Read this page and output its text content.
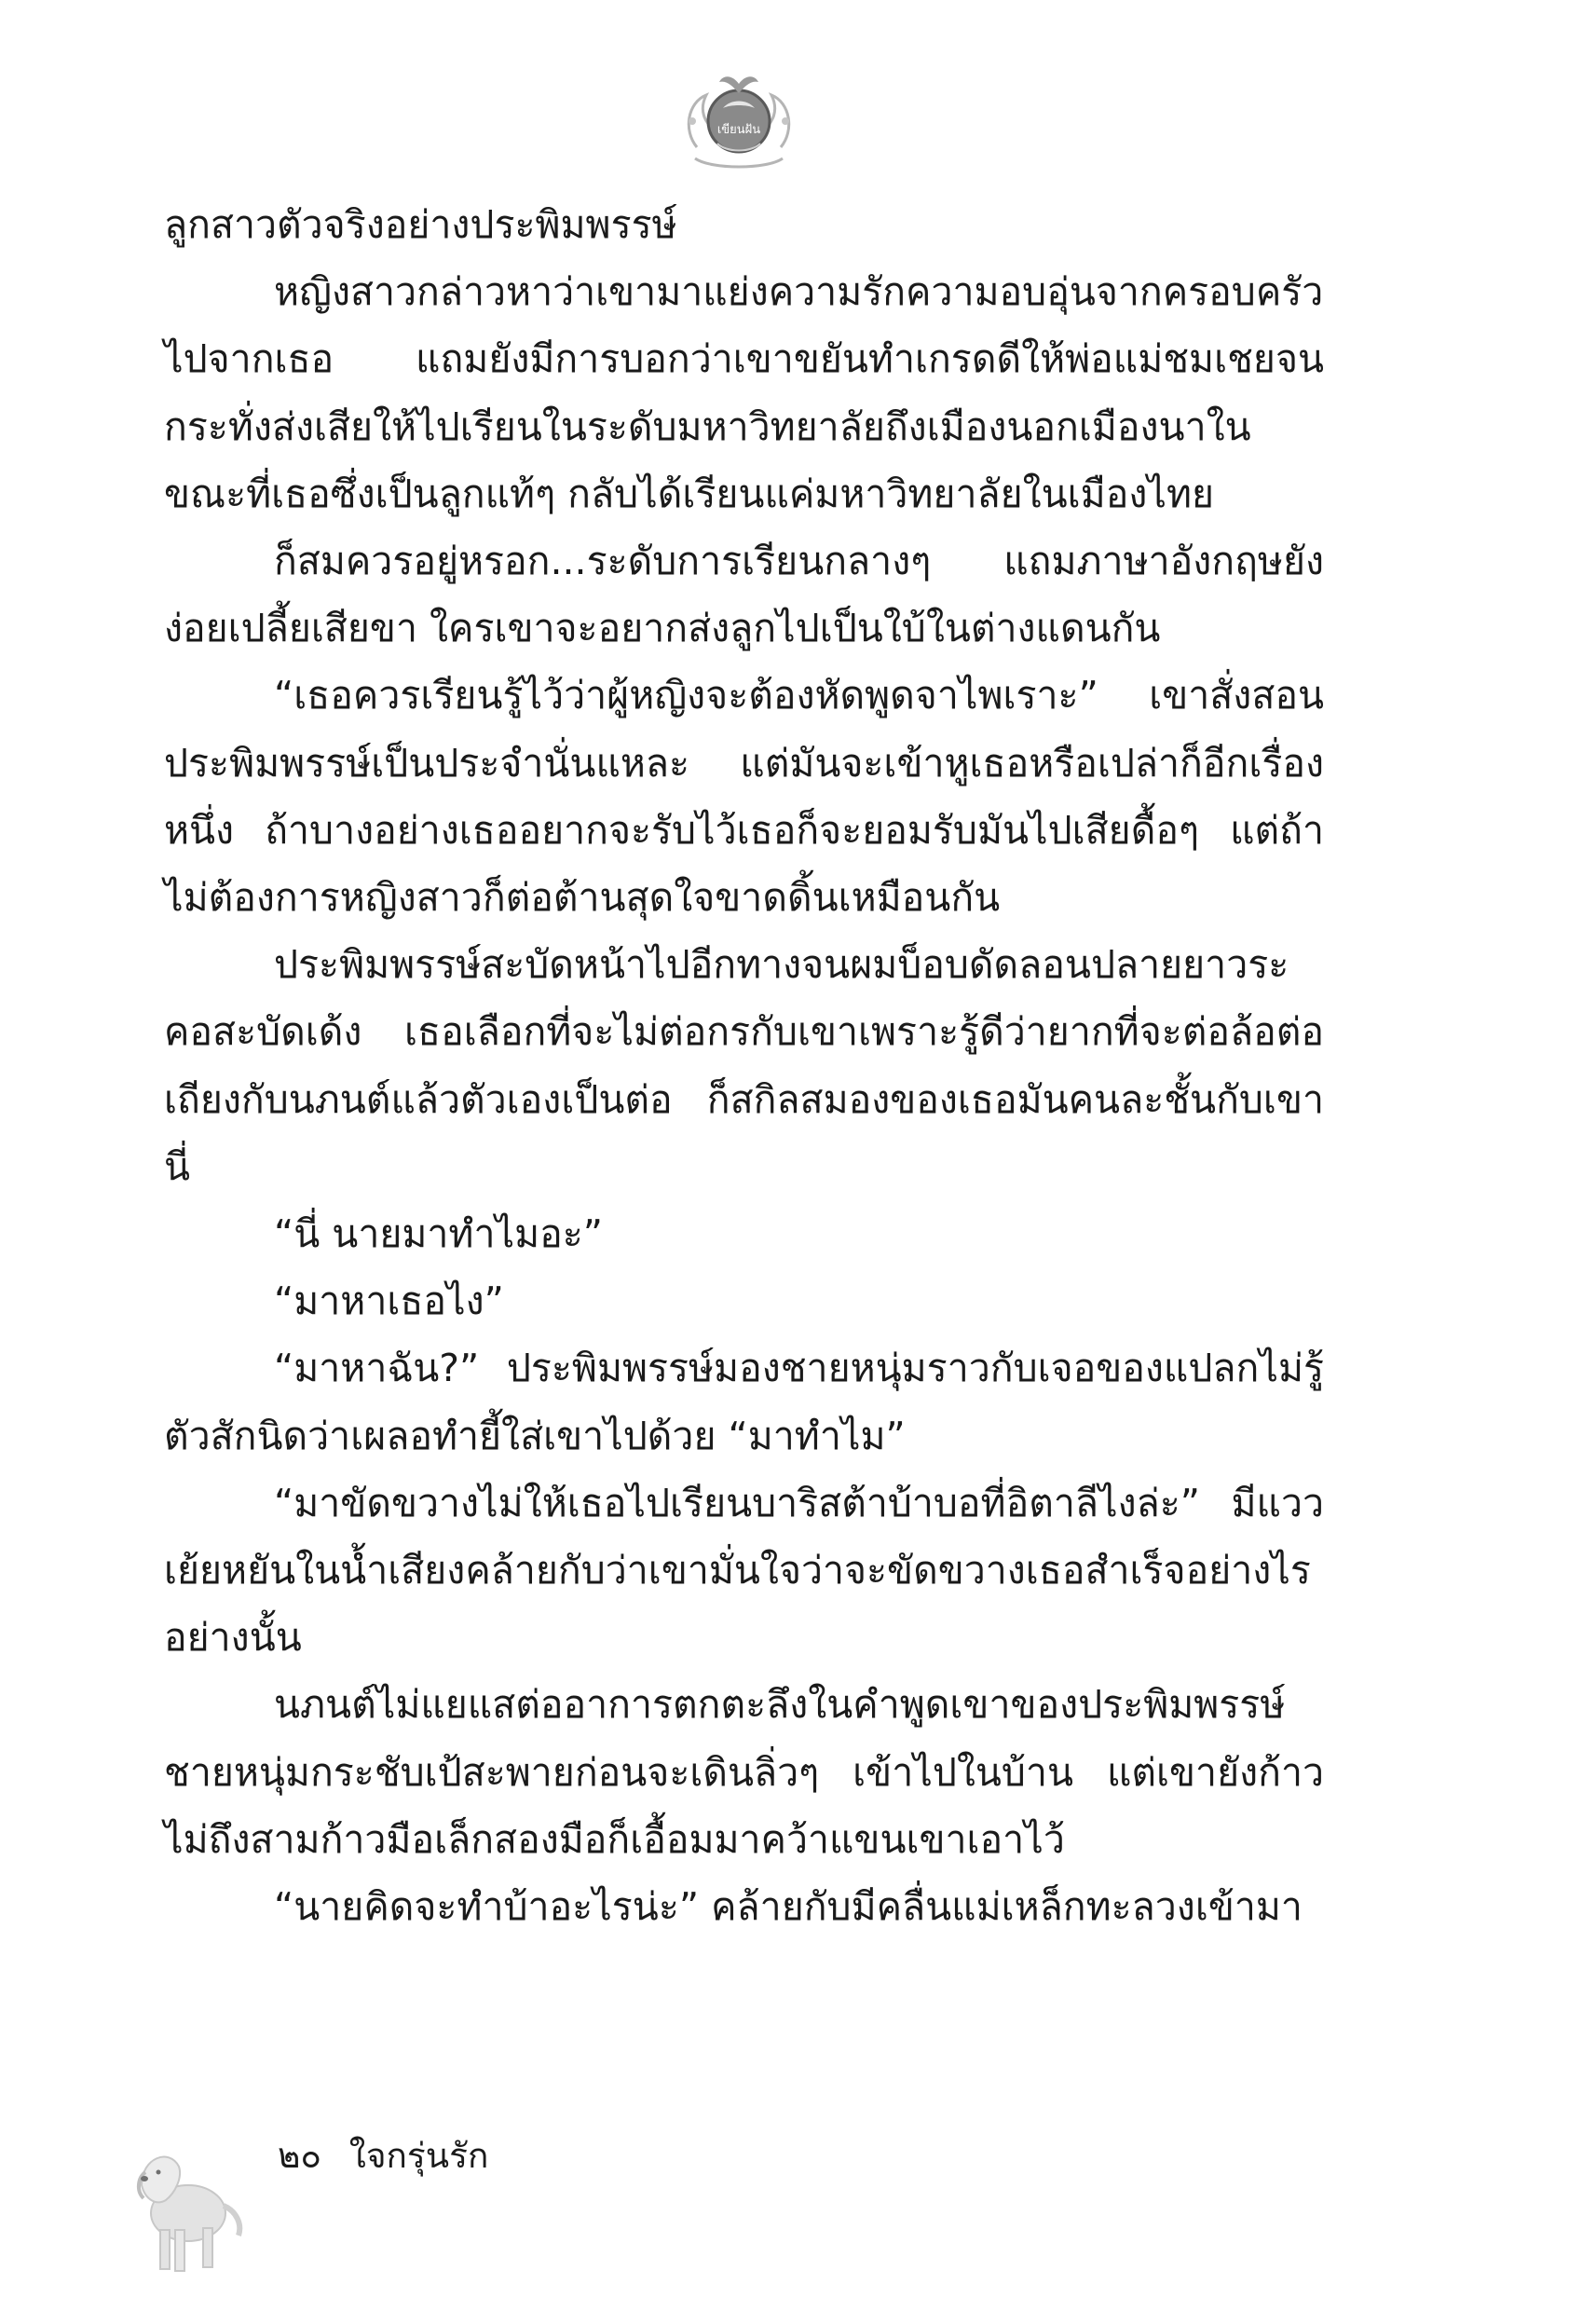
เขียนฝัน

ลูกสาวตัวจริงอย่างประพิมพรรษ์

หญิงสาวกล่าวหาว่าเขามาแย่งความรักความอบอุ่นจากครอบครัวไปจากเธอ แถมยังมีการบอกว่าเขาขยันทำเกรดดีให้พ่อแม่ชมเชยจนกระทั่งส่งเสียให้ไปเรียนในระดับมหาวิทยาลัยถึงเมืองนอกเมืองนาในขณะที่เธอซึ่งเป็นลูกแท้ๆ กลับได้เรียนแค่มหาวิทยาลัยในเมืองไทย

ก็สมควรอยู่หรอก...ระดับการเรียนกลางๆ แถมภาษาอังกฤษยังง่อยเปลี้ยเสียขา ใครเขาจะอยากส่งลูกไปเป็นใบ้ในต่างแดนกัน

“เธอควรเรียนรู้ไว้ว่าผู้หญิงจะต้องหัดพูดจาไพเราะ” เขาสั่งสอนประพิมพรรษ์เป็นประจำนั่นแหละ แต่มันจะเข้าหูเธอหรือเปล่าก็อีกเรื่องหนึ่ง ถ้าบางอย่างเธออยากจะรับไว้เธอก็จะยอมรับมันไปเสียดื้อๆ แต่ถ้าไม่ต้องการหญิงสาวก็ต่อต้านสุดใจขาดดิ้นเหมือนกัน

ประพิมพรรษ์สะบัดหน้าไปอีกทางจนผมบ็อบดัดลอนปลายยาวระคอสะบัดเด้ง เธอเลือกที่จะไม่ต่อกรกับเขาเพราะรู้ดีว่ายากที่จะต่อล้อต่อเถียงกับนภนต์แล้วตัวเองเป็นต่อ ก็สกิลสมองของเธอมันคนละชั้นกับเขานี่

“นี่ นายมาทำไมอะ”

“มาหาเธอไง”

“มาหาฉัน?” ประพิมพรรษ์มองชายหนุ่มราวกับเจอของแปลกไม่รู้ตัวสักนิดว่าเผลอทำยี้ใส่เขาไปด้วย “มาทำไม”

“มาขัดขวางไม่ให้เธอไปเรียนบาริสต้าบ้าบอที่อิตาลีไงล่ะ” มีแววเย้ยหยันในน้ำเสียงคล้ายกับว่าเขามั่นใจว่าจะขัดขวางเธอสำเร็จอย่างไรอย่างนั้น

นภนต์ไม่แยแสต่ออาการตกตะลึงในคำพูดเขาของประพิมพรรษ์ชายหนุ่มกระชับเป้สะพายก่อนจะเดินลิ่วๆ เข้าไปในบ้าน แต่เขายังก้าวไม่ถึงสามก้าวมือเล็กสองมือก็เอื้อมมาคว้าแขนเขาเอาไว้

“นายคิดจะทำบ้าอะไรน่ะ” คล้ายกับมีคลื่นแม่เหล็กทะลวงเข้ามา

๒๐ ใจกรุ่นรัก
